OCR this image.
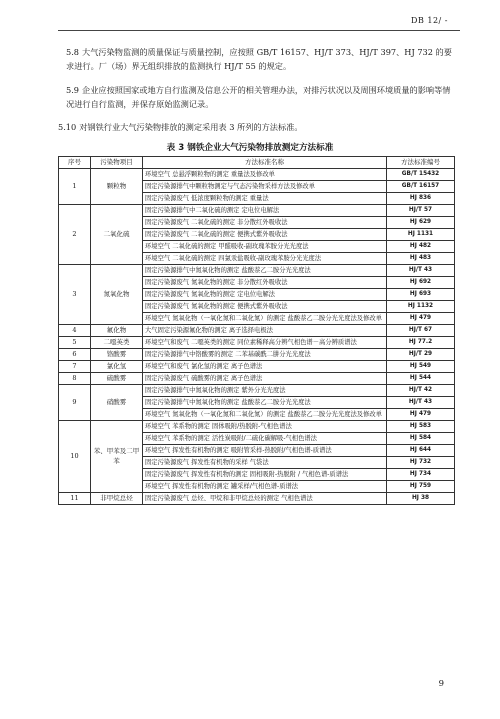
DB 12/ -

5.8 大气污染物监测的质量保证与质量控制，应按照 GB/T 16157、HJ/T 373、HJ/T 397、HJ 732 的要求进行。厂（场）界无组织排放的监测执行 HJ/T 55 的规定。

5.9 企业应按照国家或地方自行监测及信息公开的相关管理办法，对排污状况以及周围环境质量的影响等情况进行自行监测，并保存原始监测记录。

5.10 对钢铁行业大气污染物排放的测定采用表 3 所列的方法标准。

表 3 钢铁企业大气污染物排放测定方法标准
序号	污染物项目	方法标准名称	方法标准编号
1	颗粒物	环境空气 总悬浮颗粒物的测定 重量法及修改单	GB/T 15432
		固定污染源排气中颗粒物测定与气态污染物采样方法及修改单	GB/T 16157
		固定污染源废气 低浓度颗粒物的测定 重量法	HJ 836
2	二氧化硫	固定污染源排气中二氧化硫的测定 定电位电解法	HJ/T 57
		固定污染源废气 二氧化硫的测定 非分散红外吸收法	HJ 629
		固定污染源废气 二氧化硫的测定 便携式紫外吸收法	HJ 1131
		环境空气 二氧化硫的测定 甲醛吸收-副玫瑰苯胺分光光度法	HJ 482
		环境空气 二氧化硫的测定 四氯汞盐吸收-副玫瑰苯胺分光光度法	HJ 483
3	氮氧化物	固定污染源排气中氮氧化物的测定 盐酸萘乙二胺分光光度法	HJ/T 43
		固定污染源废气 氮氧化物的测定 非分散红外吸收法	HJ 692
		固定污染源废气 氮氧化物的测定 定电位电解法	HJ 693
		固定污染源废气 氮氧化物的测定 便携式紫外吸收法	HJ 1132
		环境空气 氮氧化物（一氧化氮和二氧化氮）的测定 盐酸萘乙二胺分光光度法及修改单	HJ 479
4	氟化物	大气固定污染源氟化物的测定 离子选择电极法	HJ/T 67
5	二噁英类	环境空气和废气 二噁英类的测定 同位素稀释高分辨气相色谱－高分辨质谱法	HJ 77.2
6	铬酸雾	固定污染源排气中铬酸雾的测定 二苯基碳酰二肼分光光度法	HJ/T 29
7	氯化氢	环境空气和废气 氯化氢的测定 离子色谱法	HJ 549
8	硫酸雾	固定污染源废气 硫酸雾的测定 离子色谱法	HJ 544
9	硝酸雾	固定污染源排气中氮氧化物的测定 紫外分光光度法	HJ/T 42
		固定污染源排气中氮氧化物的测定 盐酸萘乙二胺分光光度法	HJ/T 43
		环境空气 氮氧化物（一氧化氮和二氧化氮）的测定 盐酸萘乙二胺分光光度法及修改单	HJ 479
10	苯、甲苯及二甲苯	环境空气 苯系物的测定 固体吸附/热脱附-气相色谱法	HJ 583
		环境空气 苯系物的测定 活性炭吸附/二硫化碳解吸-气相色谱法	HJ 584
		环境空气 挥发性有机物的测定 吸附管采样-热脱附/气相色谱-质谱法	HJ 644
		固定污染源废气 挥发性有机物的采样 气袋法	HJ 732
		固定污染源废气 挥发性有机物的测定 固相吸附-热脱附 / 气相色谱-质谱法	HJ 734
		环境空气 挥发性有机物的测定 罐采样/气相色谱-质谱法	HJ 759
11	非甲烷总烃	固定污染源废气 总烃、甲烷和非甲烷总烃的测定 气相色谱法	HJ 38
9
